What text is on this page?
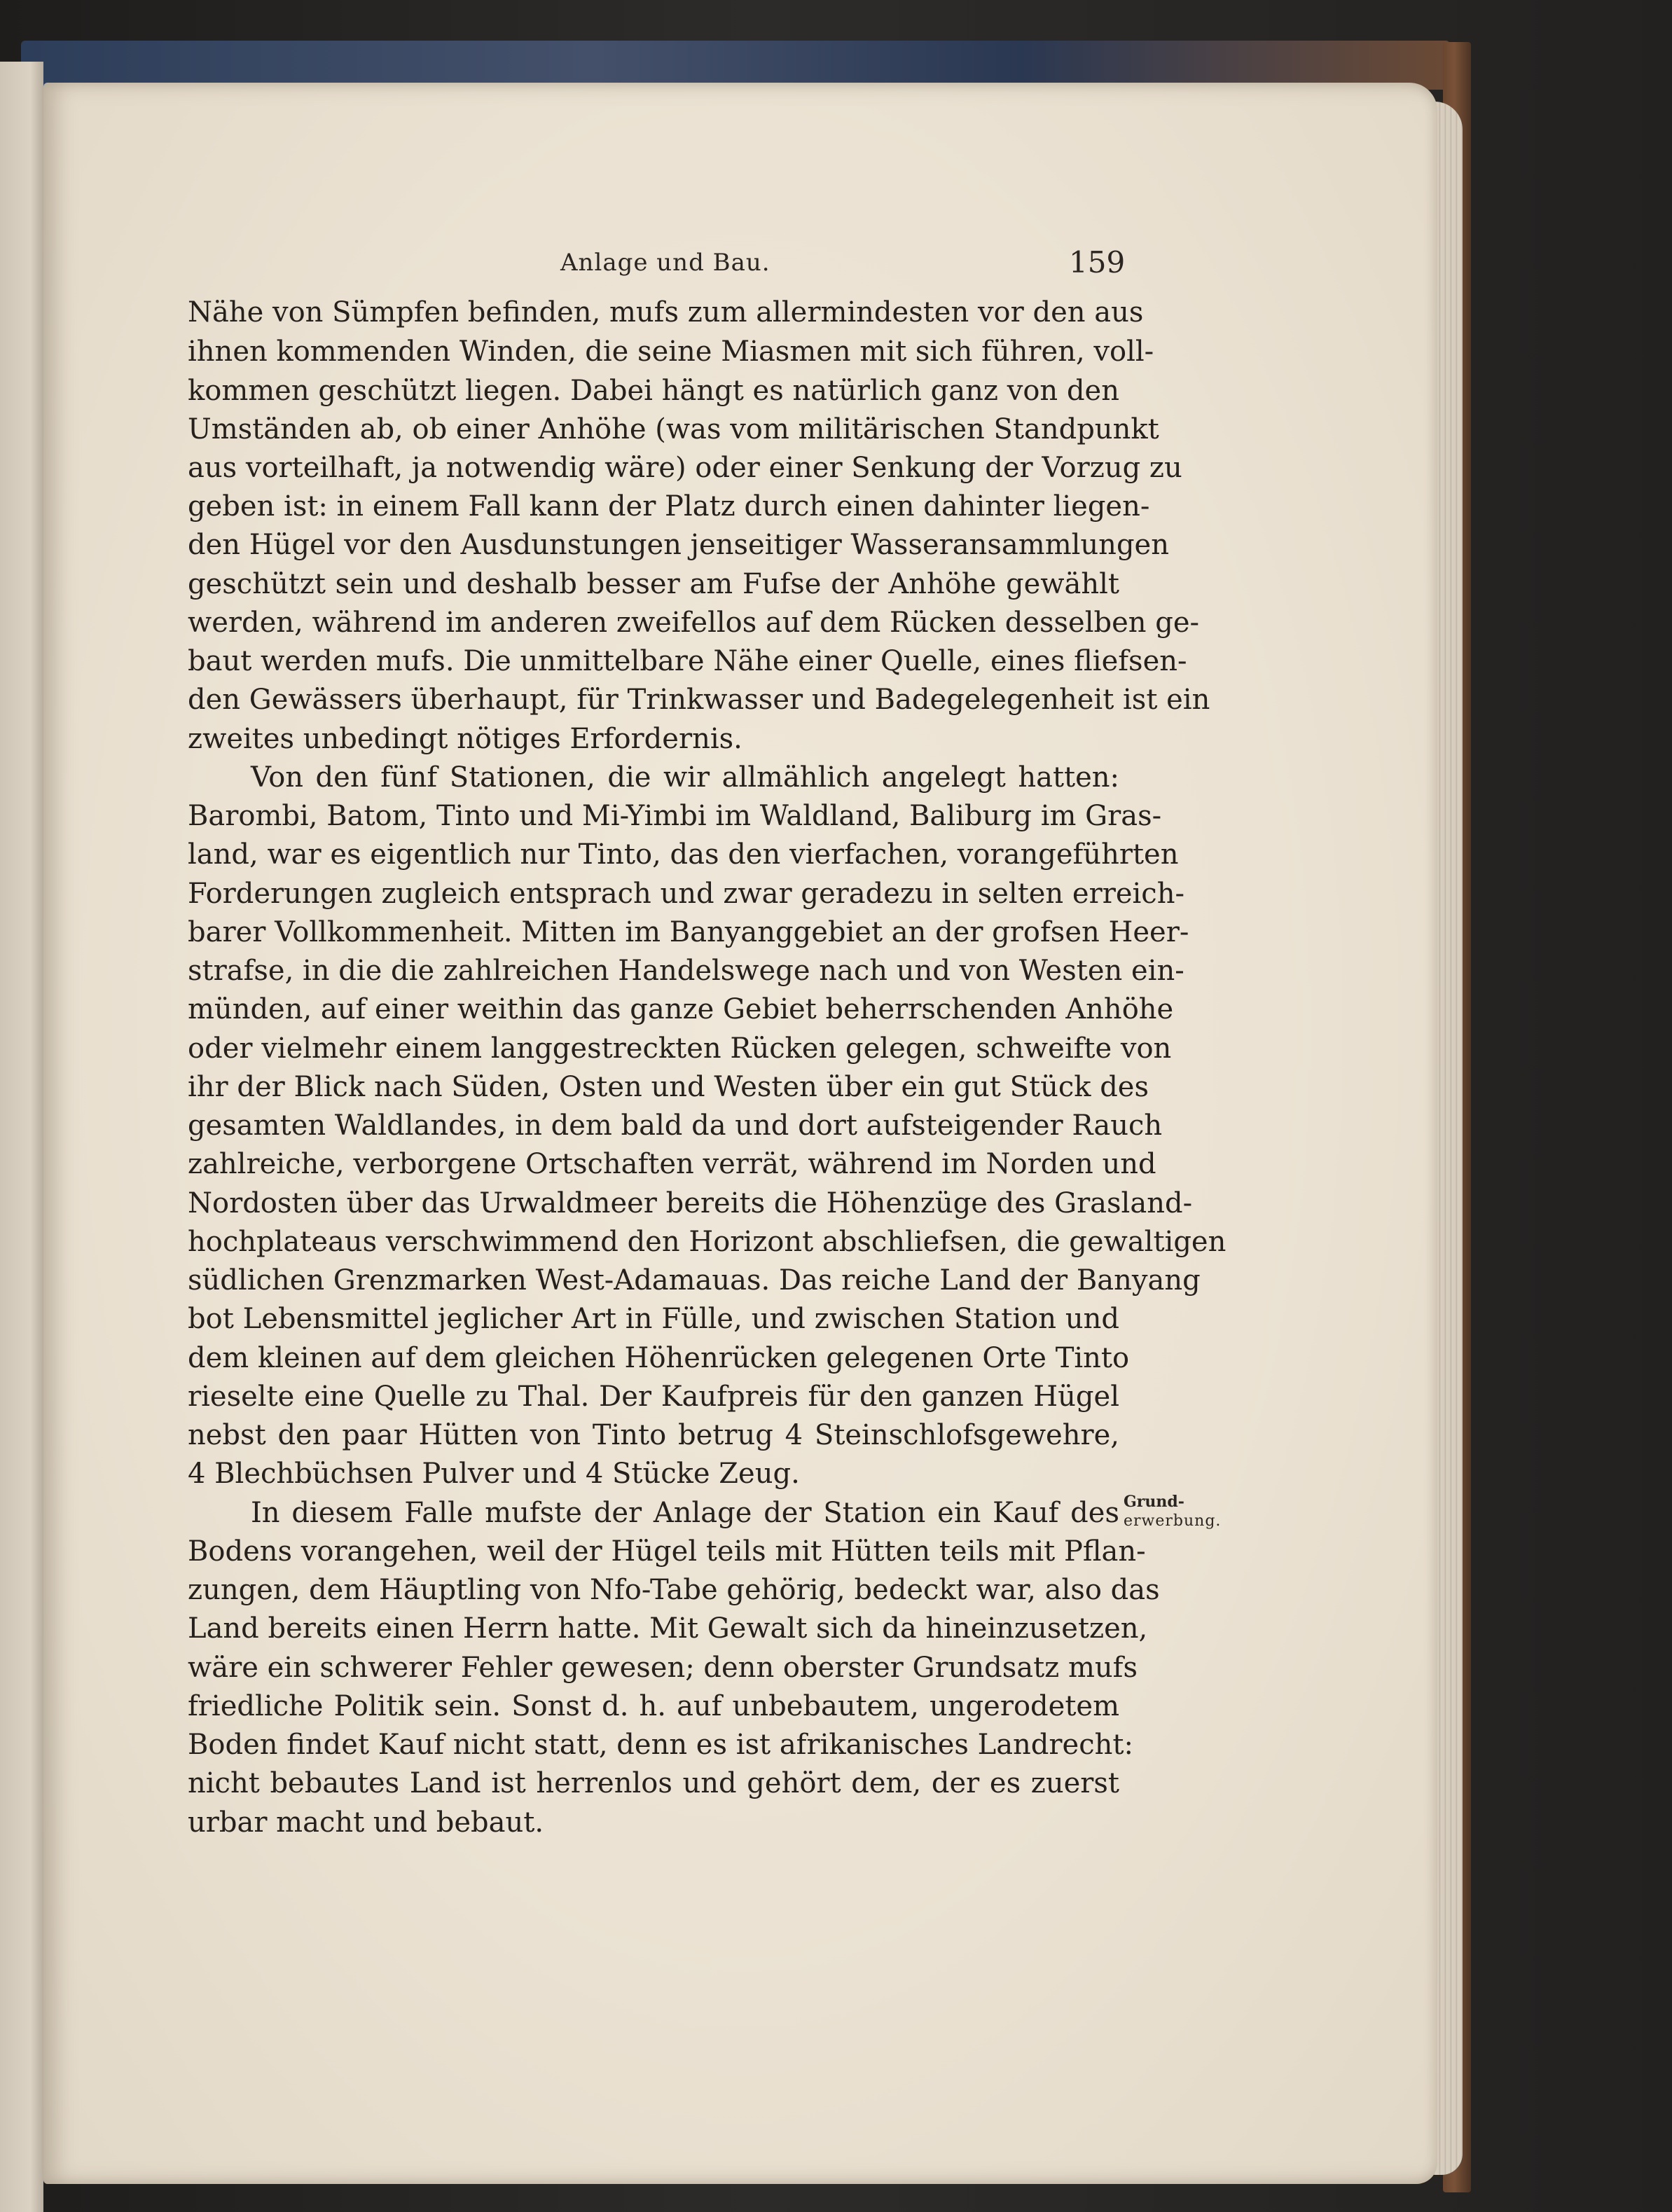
Anlage und Bau.	159
Nähe von Sümpfen befinden, mufs zum allermindesten vor den aus
ihnen kommenden Winden, die seine Miasmen mit sich führen, voll-
kommen geschützt liegen. Dabei hängt es natürlich ganz von den
Umständen ab, ob einer Anhöhe (was vom militärischen Standpunkt
aus vorteilhaft, ja notwendig wäre) oder einer Senkung der Vorzug zu
geben ist: in einem Fall kann der Platz durch einen dahinter liegen-
den Hügel vor den Ausdunstungen jenseitiger Wasseransammlungen
geschützt sein und deshalb besser am Fufse der Anhöhe gewählt
werden, während im anderen zweifellos auf dem Rücken desselben ge-
baut werden mufs. Die unmittelbare Nähe einer Quelle, eines fliefsen-
den Gewässers überhaupt, für Trinkwasser und Badegelegenheit ist ein
zweites unbedingt nötiges Erfordernis.
Von den fünf Stationen, die wir allmählich angelegt hatten:
Barombi, Batom, Tinto und Mi-Yimbi im Waldland, Baliburg im Gras-
land, war es eigentlich nur Tinto, das den vierfachen, vorangeführten
Forderungen zugleich entsprach und zwar geradezu in selten erreich-
barer Vollkommenheit. Mitten im Banyanggebiet an der grofsen Heer-
strafse, in die die zahlreichen Handelswege nach und von Westen ein-
münden, auf einer weithin das ganze Gebiet beherrschenden Anhöhe
oder vielmehr einem langgestreckten Rücken gelegen, schweifte von
ihr der Blick nach Süden, Osten und Westen über ein gut Stück des
gesamten Waldlandes, in dem bald da und dort aufsteigender Rauch
zahlreiche, verborgene Ortschaften verrät, während im Norden und
Nordosten über das Urwaldmeer bereits die Höhenzüge des Grasland-
hochplateaus verschwimmend den Horizont abschliefsen, die gewaltigen
südlichen Grenzmarken West-Adamauas. Das reiche Land der Banyang
bot Lebensmittel jeglicher Art in Fülle, und zwischen Station und
dem kleinen auf dem gleichen Höhenrücken gelegenen Orte Tinto
rieselte eine Quelle zu Thal. Der Kaufpreis für den ganzen Hügel
nebst den paar Hütten von Tinto betrug 4 Steinschlofsgewehre,
4 Blechbüchsen Pulver und 4 Stücke Zeug.
In diesem Falle mufste der Anlage der Station ein Kauf des
Bodens vorangehen, weil der Hügel teils mit Hütten teils mit Pflan-
zungen, dem Häuptling von Nfo-Tabe gehörig, bedeckt war, also das
Land bereits einen Herrn hatte. Mit Gewalt sich da hineinzusetzen,
wäre ein schwerer Fehler gewesen; denn oberster Grundsatz mufs
friedliche Politik sein. Sonst d. h. auf unbebautem, ungerodetem
Boden findet Kauf nicht statt, denn es ist afrikanisches Landrecht:
nicht bebautes Land ist herrenlos und gehört dem, der es zuerst
urbar macht und bebaut.
Grund-
erwerbung.
